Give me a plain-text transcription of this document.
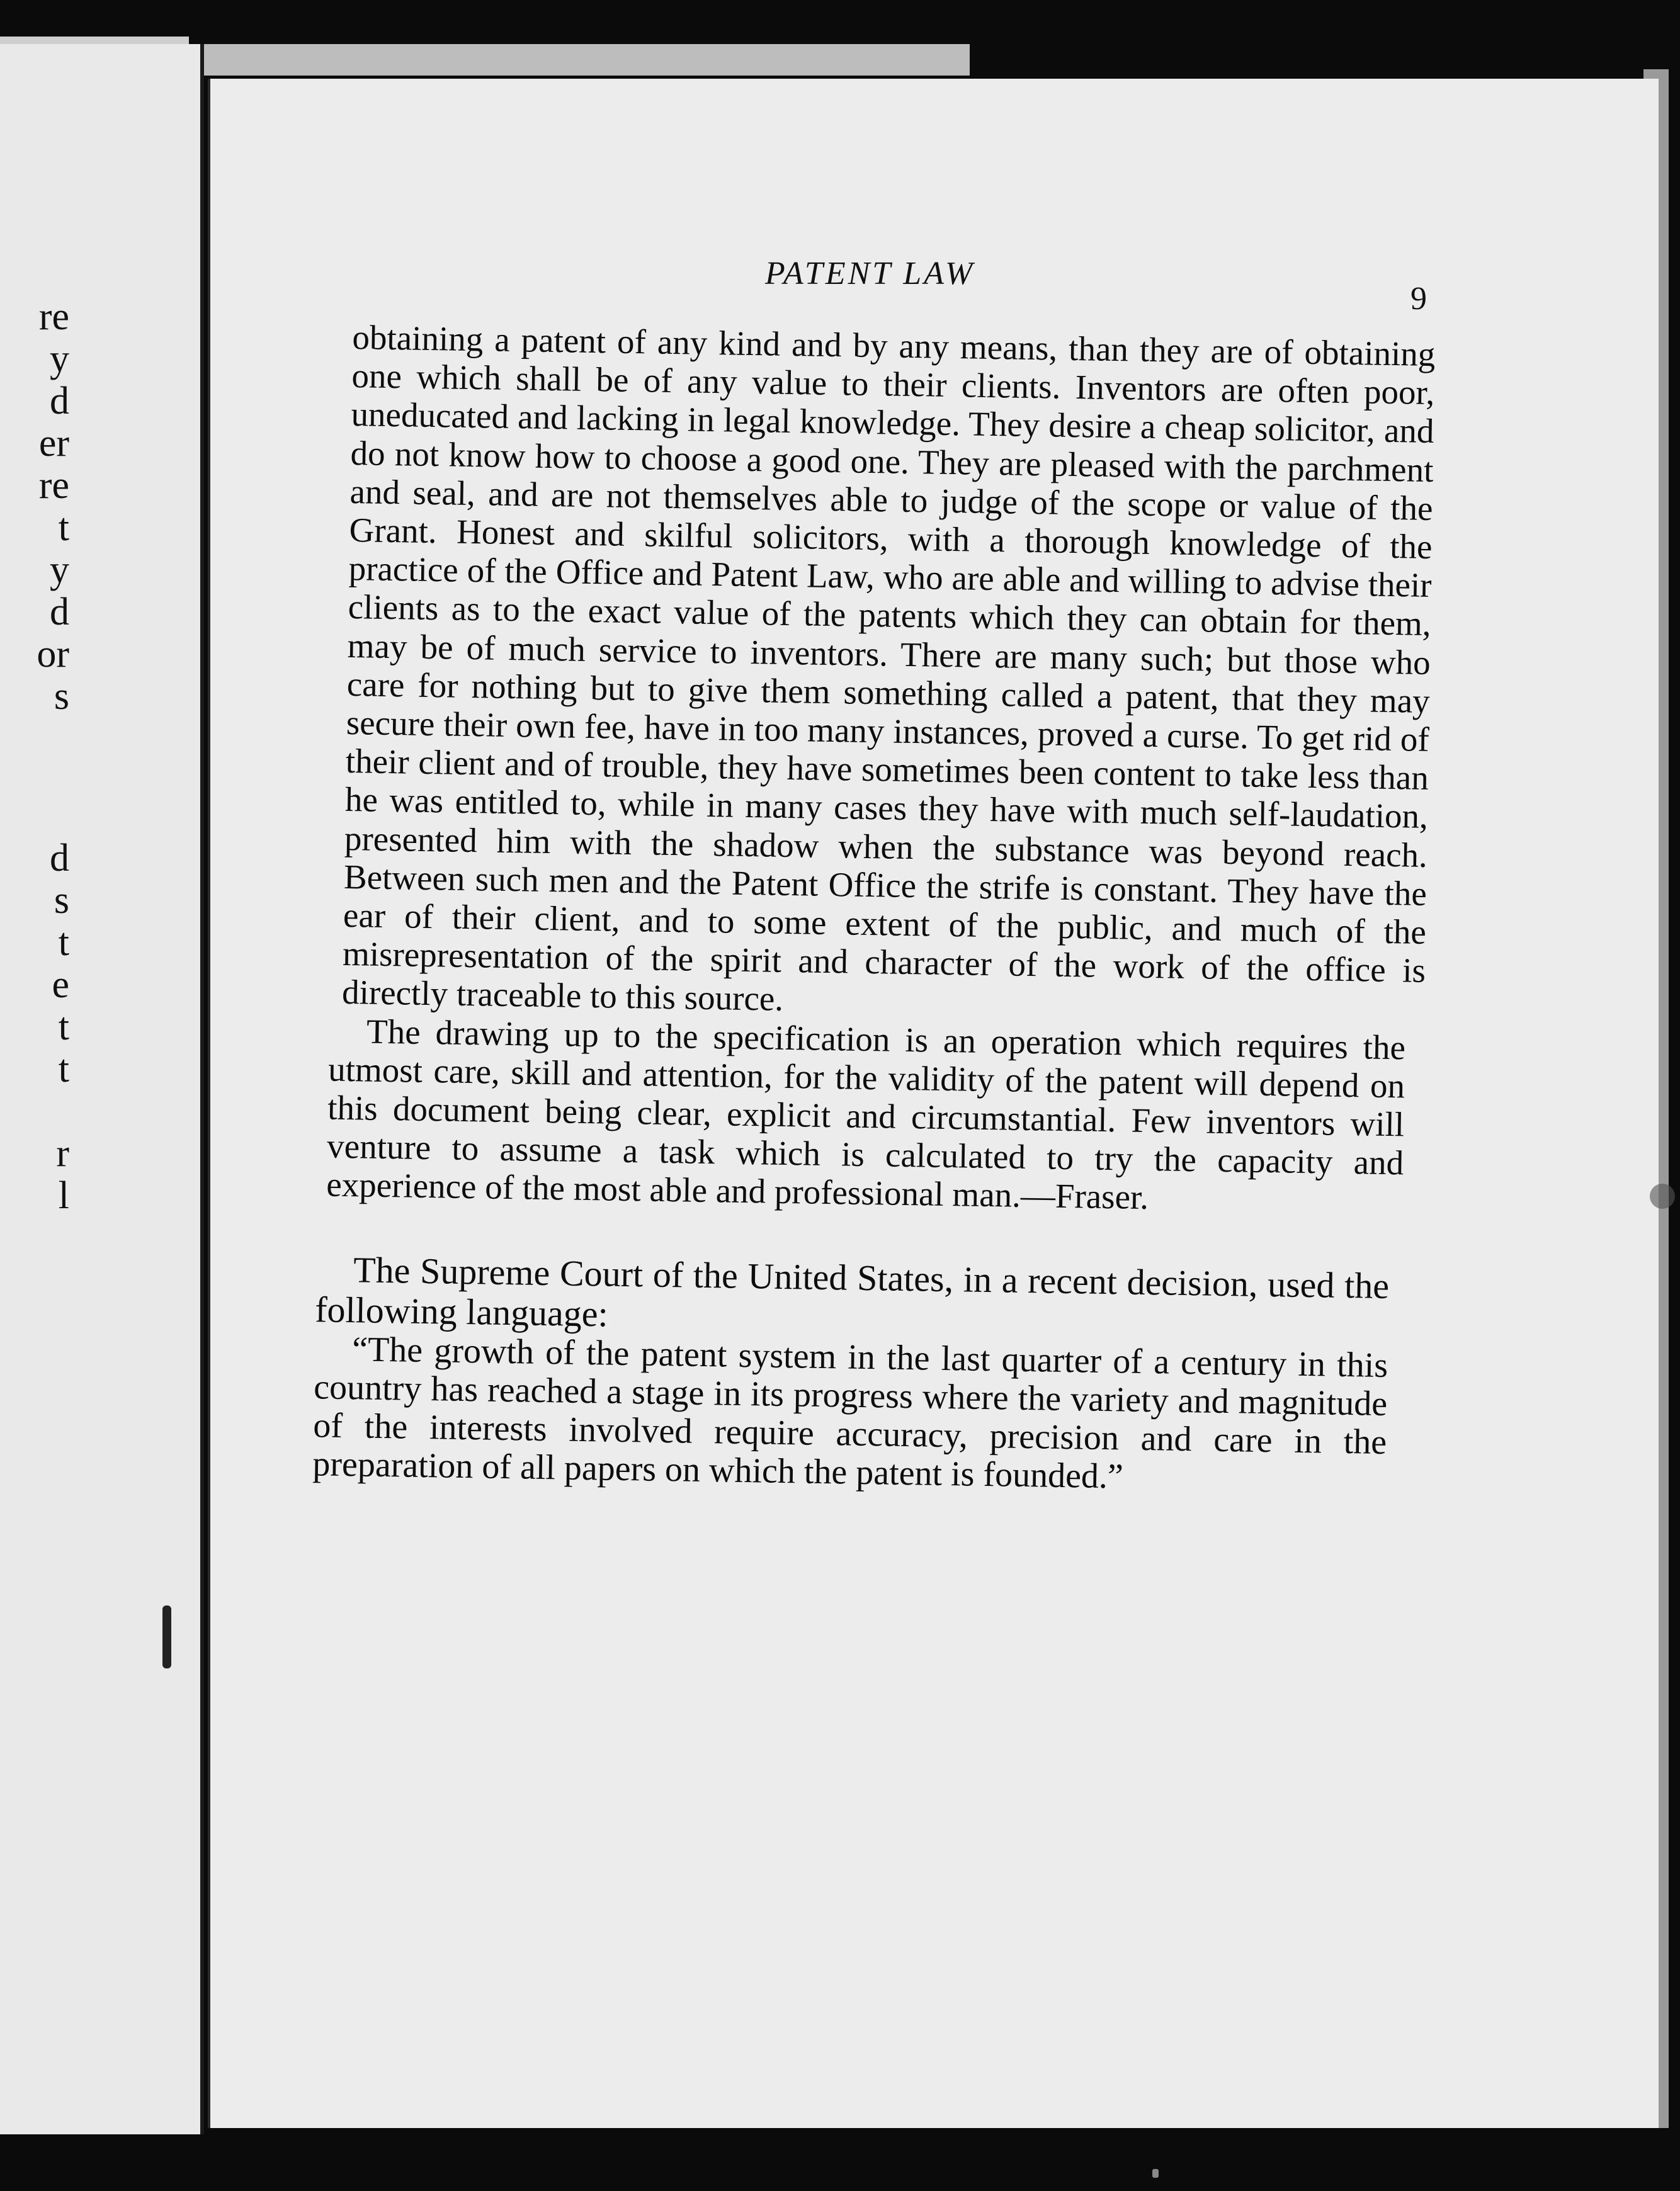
re
y
d
er
re
t
y
d
or
s
d
s
t
e
t
t
r
l
PATENT LAW
9

obtaining a patent of any kind and by any means, than they are of obtaining one which shall be of any value to their clients. Inventors are often poor, uneducated and lacking in legal knowledge. They desire a cheap solicitor, and do not know how to choose a good one. They are pleased with the parchment and seal, and are not themselves able to judge of the scope or value of the Grant. Honest and skilful solicitors, with a thorough knowledge of the practice of the Office and Patent Law, who are able and willing to advise their clients as to the exact value of the patents which they can obtain for them, may be of much service to inventors. There are many such; but those who care for nothing but to give them something called a patent, that they may secure their own fee, have in too many instances, proved a curse. To get rid of their client and of trouble, they have sometimes been content to take less than he was entitled to, while in many cases they have with much self-laudation, presented him with the shadow when the substance was beyond reach. Between such men and the Patent Office the strife is constant. They have the ear of their client, and to some extent of the public, and much of the misrepresentation of the spirit and character of the work of the office is directly traceable to this source.

The drawing up to the specification is an operation which requires the utmost care, skill and attention, for the validity of the patent will depend on this document being clear, explicit and circumstantial. Few inventors will venture to assume a task which is calculated to try the capacity and experience of the most able and professional man.—Fraser.

The Supreme Court of the United States, in a recent decision, used the following language:

“The growth of the patent system in the last quarter of a century in this country has reached a stage in its progress where the variety and magnitude of the interests involved require accuracy, precision and care in the preparation of all papers on which the patent is founded.”
